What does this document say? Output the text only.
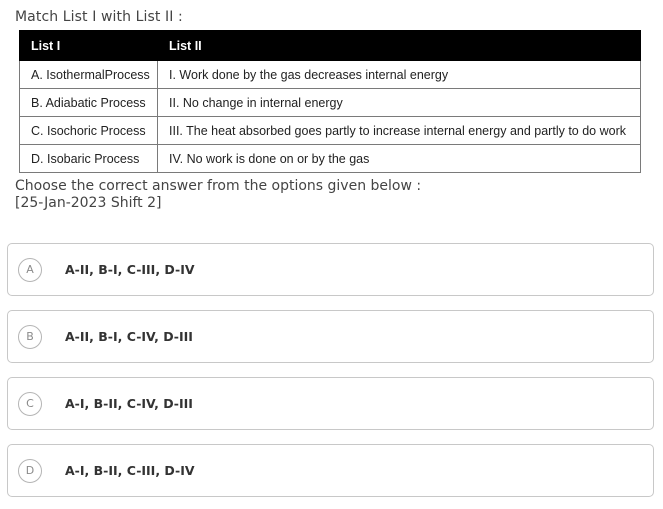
Match List I with List II :
List I	List II
A. IsothermalProcess	I. Work done by the gas decreases internal energy
B. Adiabatic Process	II. No change in internal energy
C. Isochoric Process	III. The heat absorbed goes partly to increase internal energy and partly to do work
D. Isobaric Process	IV. No work is done on or by the gas
Choose the correct answer from the options given below :
[25-Jan-2023 Shift 2]
A	A-II, B-I, C-III, D-IV
B	A-II, B-I, C-IV, D-III
C	A-I, B-II, C-IV, D-III
D	A-I, B-II, C-III, D-IV
